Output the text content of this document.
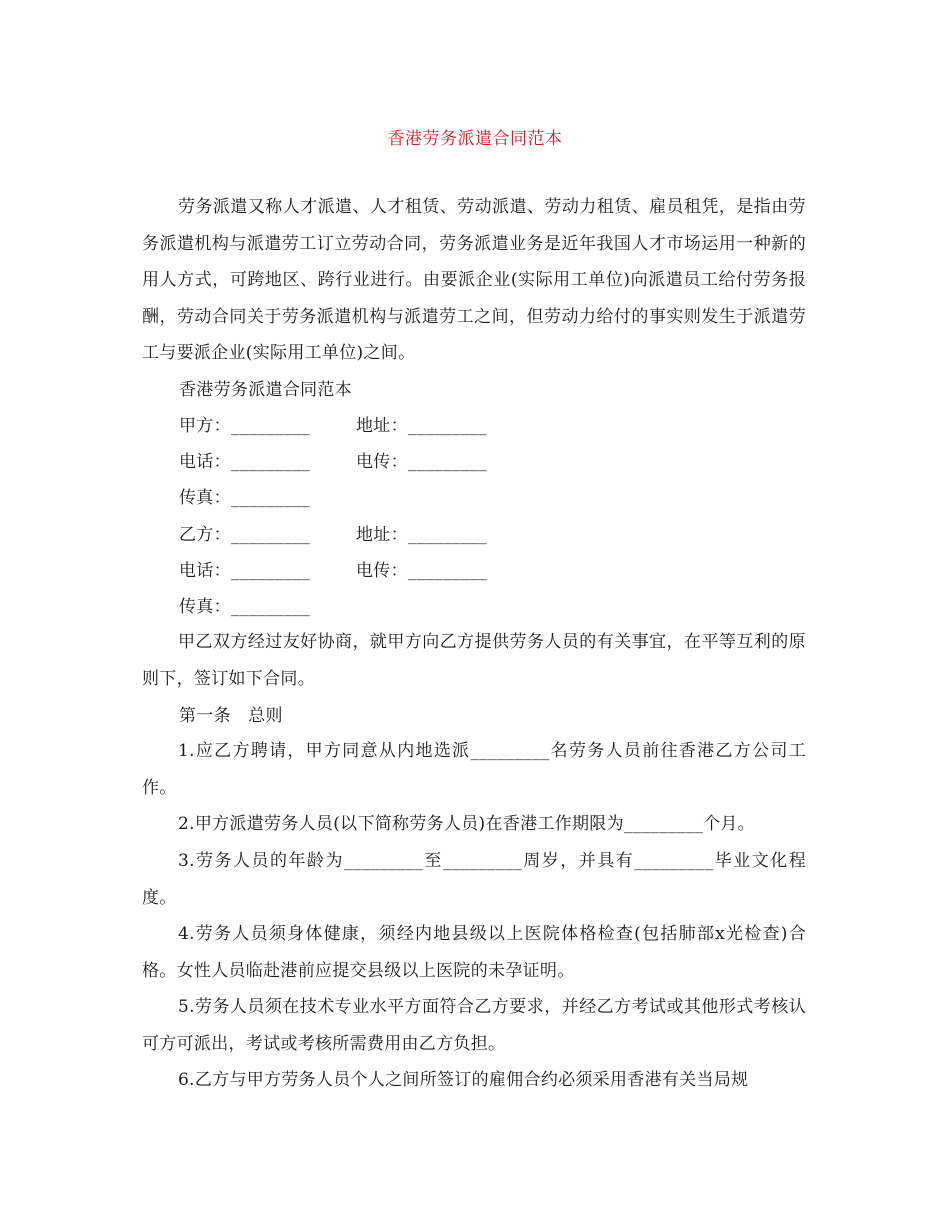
香港劳务派遣合同范本

劳务派遣又称人才派遣、人才租赁、劳动派遣、劳动力租赁、雇员租凭，是指由劳务派遣机构与派遣劳工订立劳动合同，劳务派遣业务是近年我国人才市场运用一种新的用人方式，可跨地区、跨行业进行。由要派企业(实际用工单位)向派遣员工给付劳务报酬，劳动合同关于劳务派遣机构与派遣劳工之间，但劳动力给付的事实则发生于派遣劳工与要派企业(实际用工单位)之间。

香港劳务派遣合同范本
甲方：_________	地址：_________
电话：_________	电传：_________
传真：_________
乙方：_________	地址：_________
电话：_________	电传：_________
传真：_________

甲乙双方经过友好协商，就甲方向乙方提供劳务人员的有关事宜，在平等互利的原则下，签订如下合同。

第一条　总则

1.应乙方聘请，甲方同意从内地选派_________名劳务人员前往香港乙方公司工作。

2.甲方派遣劳务人员(以下简称劳务人员)在香港工作期限为_________个月。

3.劳务人员的年龄为_________至_________周岁，并具有_________毕业文化程度。

4.劳务人员须身体健康，须经内地县级以上医院体格检查(包括肺部x光检查)合格。女性人员临赴港前应提交县级以上医院的未孕证明。

5.劳务人员须在技术专业水平方面符合乙方要求，并经乙方考试或其他形式考核认可方可派出，考试或考核所需费用由乙方负担。

6.乙方与甲方劳务人员个人之间所签订的雇佣合约必须采用香港有关当局规
